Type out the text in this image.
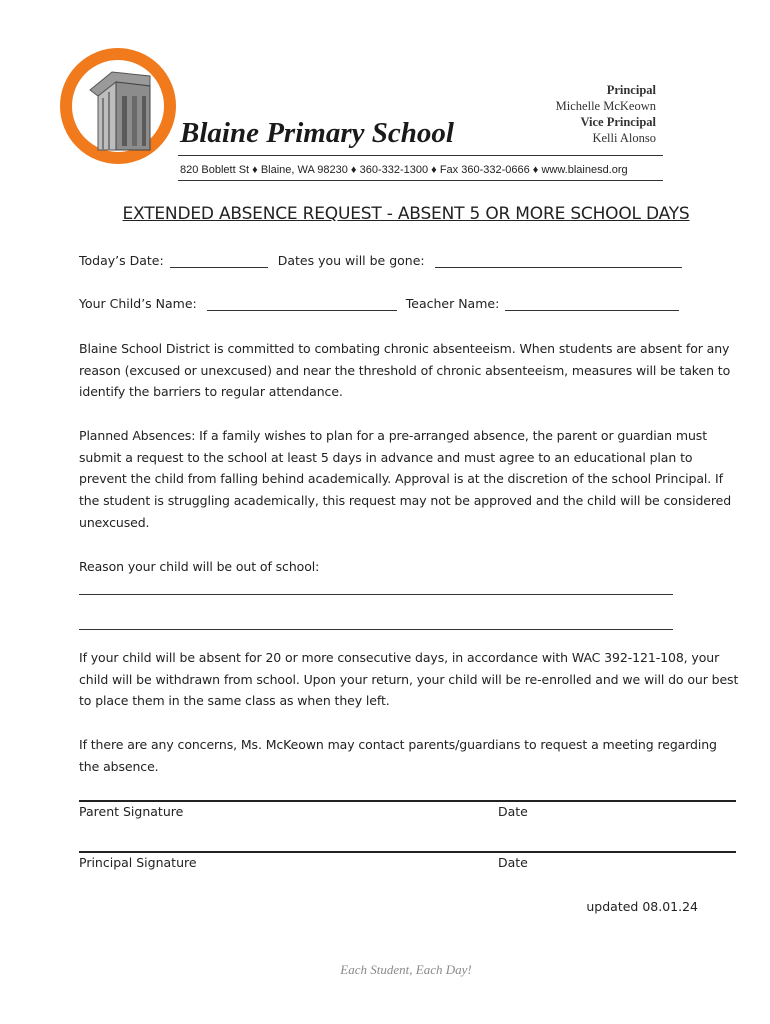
Blaine Primary School
Principal
Michelle McKeown
Vice Principal
Kelli Alonso
820 Boblett St ♦ Blaine, WA 98230 ♦ 360-332-1300 ♦ Fax 360-332-0666 ♦ www.blainesd.org
EXTENDED ABSENCE REQUEST - ABSENT 5 OR MORE SCHOOL DAYS
Today’s Date:	Dates you will be gone:
Your Child’s Name:	Teacher Name:
Blaine School District is committed to combating chronic absenteeism. When students are absent for any reason (excused or unexcused) and near the threshold of chronic absenteeism, measures will be taken to identify the barriers to regular attendance.
Planned Absences: If a family wishes to plan for a pre-arranged absence, the parent or guardian must submit a request to the school at least 5 days in advance and must agree to an educational plan to prevent the child from falling behind academically. Approval is at the discretion of the school Principal. If the student is struggling academically, this request may not be approved and the child will be considered unexcused.
Reason your child will be out of school:
If your child will be absent for 20 or more consecutive days, in accordance with WAC 392-121-108, your child will be withdrawn from school. Upon your return, your child will be re-enrolled and we will do our best to place them in the same class as when they left.
If there are any concerns, Ms. McKeown may contact parents/guardians to request a meeting regarding the absence.
Parent Signature	Date
Principal Signature	Date
updated 08.01.24
Each Student, Each Day!
